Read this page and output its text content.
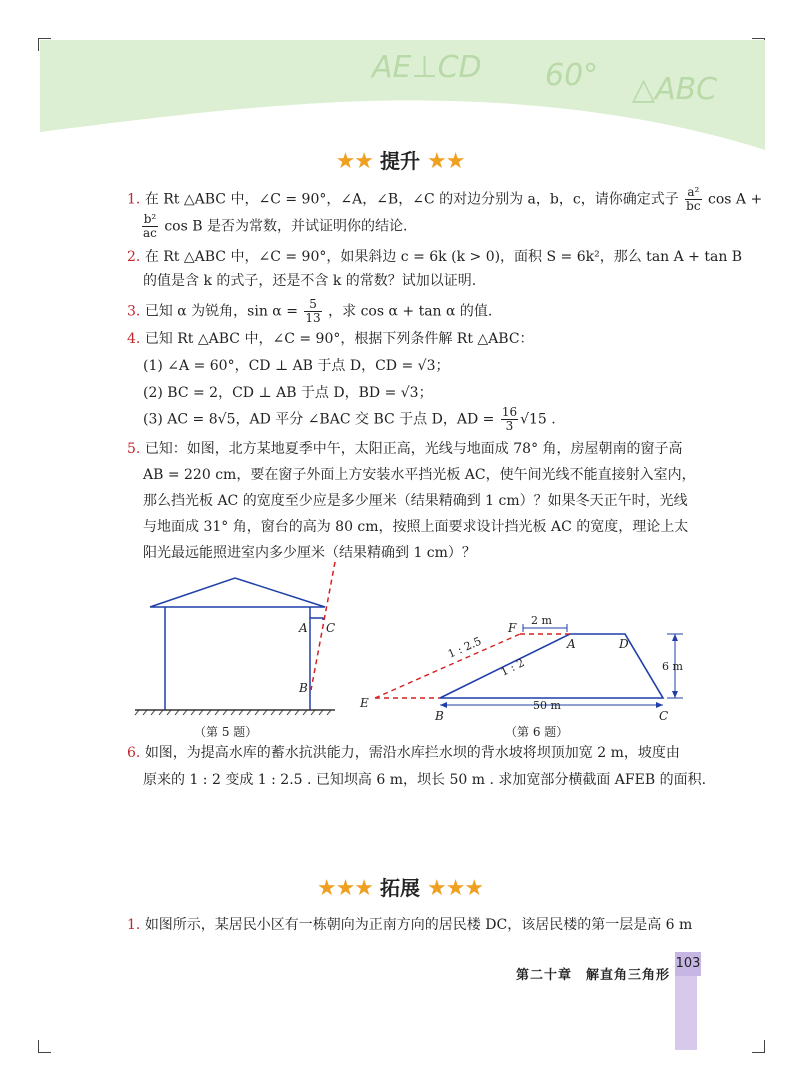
AE⊥CD 60° △ABC
★★ 提升 ★★
1. 在 Rt △ABC 中，∠C = 90°，∠A，∠B，∠C 的对边分别为 a，b，c，请你确定式子 $\frac{\text{a²}}{bc}$ cos A +
$\frac{\text{b²}}{ac}$ cos B 是否为常数，并试证明你的结论.
2. 在 Rt △ABC 中，∠C = 90°，如果斜边 c = 6k (k > 0)，面积 S = 6k²，那么 tan A + tan B
的值是含 k 的式子，还是不含 k 的常数？试加以证明.
3. 已知 α 为锐角，$\sin \alpha = \frac{5}{13}$ ，求 cos α + tan α 的值.
4. 已知 Rt △ABC 中，∠C = 90°，根据下列条件解 Rt △ABC：
(1) ∠A = 60°，CD ⊥ AB 于点 D，CD = √3；
(2) BC = 2，CD ⊥ AB 于点 D，BD = √3；
(3) AC = 8√5，AD 平分 ∠BAC 交 BC 于点 D，AD = $\frac{16}{3} √15$ .
5. 已知：如图，北方某地夏季中午，太阳正高，光线与地面成 78° 角，房屋朝南的窗子高
AB = 220 cm，要在窗子外面上方安装水平挡光板 AC，使午间光线不能直接射入室内，
那么挡光板 AC 的宽度至少应是多少厘米（结果精确到 1 cm）？如果冬天正午时，光线
与地面成 31° 角，窗台的高为 80 cm，按照上面要求设计挡光板 AC 的宽度，理论上太
阳光最远能照进室内多少厘米（结果精确到 1 cm）？
A C
B
（第 5 题）
F
A	D
E
B	C
2 m
6 m
50 m
1 : 2.5
1 : 2
（第 6 题）
6. 如图，为提高水库的蓄水抗洪能力，需沿水库拦水坝的背水坡将坝顶加宽 2 m，坡度由
原来的 1 : 2 变成 1 : 2.5 . 已知坝高 6 m，坝长 50 m . 求加宽部分横截面 AFEB 的面积.
★★★ 拓展 ★★★
1. 如图所示，某居民小区有一栋朝向为正南方向的居民楼 DC，该居民楼的第一层是高 6 m
103
第二十章　解直角三角形
